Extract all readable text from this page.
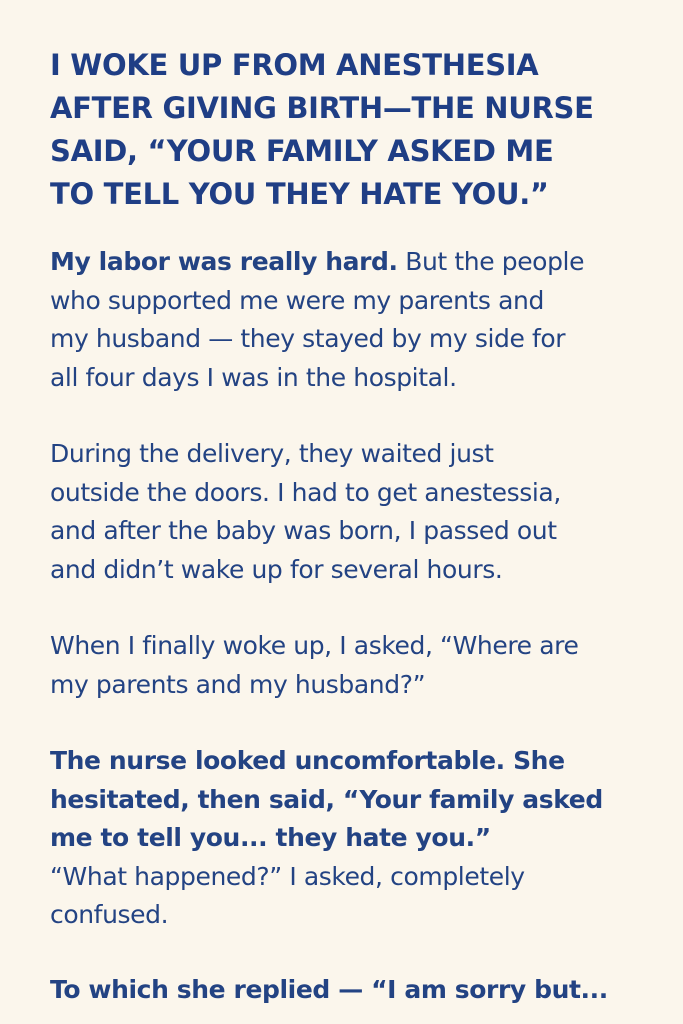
I WOKE UP FROM ANESTHESIA
AFTER GIVING BIRTH—THE NURSE
SAID, “YOUR FAMILY ASKED ME
TO TELL YOU THEY HATE YOU.”

My labor was really hard. But the people
who supported me were my parents and
my husband — they stayed by my side for
all four days I was in the hospital.

During the delivery, they waited just
outside the doors. I had to get anestessia,
and after the baby was born, I passed out
and didn’t wake up for several hours.

When I finally woke up, I asked, “Where are
my parents and my husband?”

The nurse looked uncomfortable. She
hesitated, then said, “Your family asked
me to tell you... they hate you.”

“What happened?” I asked, completely
confused.

To which she replied — “I am sorry but...
